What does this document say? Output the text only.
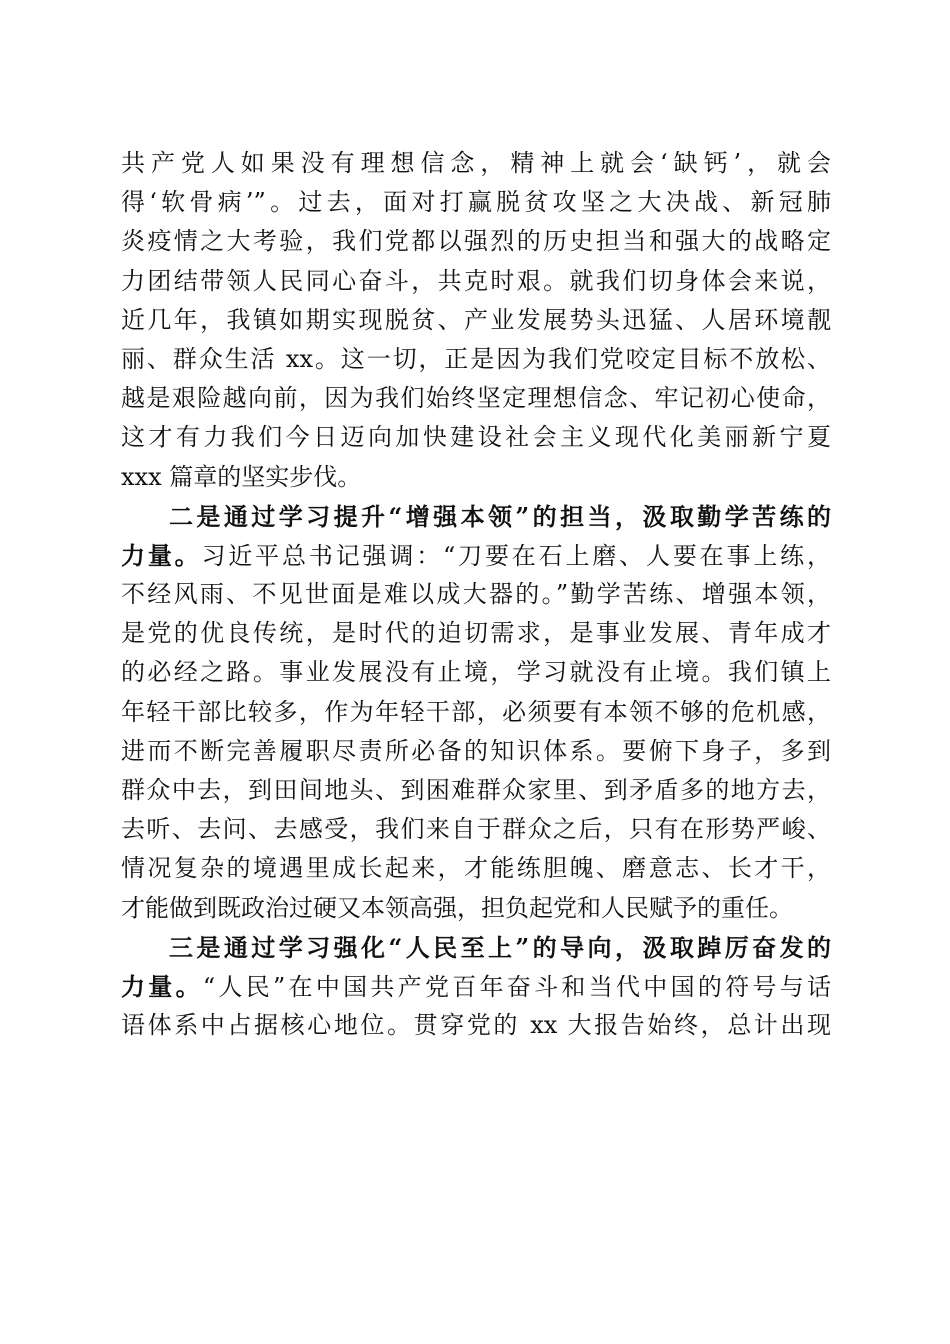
共产党人如果没有理想信念，精神上就会‘缺钙’，就会
得‘软骨病’”。过去，面对打赢脱贫攻坚之大决战、新冠肺
炎疫情之大考验，我们党都以强烈的历史担当和强大的战略定
力团结带领人民同心奋斗，共克时艰。就我们切身体会来说，
近几年，我镇如期实现脱贫、产业发展势头迅猛、人居环境靓
丽、群众生活 xx。这一切，正是因为我们党咬定目标不放松、
越是艰险越向前，因为我们始终坚定理想信念、牢记初心使命，
这才有力我们今日迈向加快建设社会主义现代化美丽新宁夏
xxx 篇章的坚实步伐。
二是通过学习提升“增强本领”的担当，汲取勤学苦练的
力量。习近平总书记强调：“刀要在石上磨、人要在事上练，
不经风雨、不见世面是难以成大器的。”勤学苦练、增强本领，
是党的优良传统，是时代的迫切需求，是事业发展、青年成才
的必经之路。事业发展没有止境，学习就没有止境。我们镇上
年轻干部比较多，作为年轻干部，必须要有本领不够的危机感，
进而不断完善履职尽责所必备的知识体系。要俯下身子，多到
群众中去，到田间地头、到困难群众家里、到矛盾多的地方去，
去听、去问、去感受，我们来自于群众之后，只有在形势严峻、
情况复杂的境遇里成长起来，才能练胆魄、磨意志、长才干，
才能做到既政治过硬又本领高强，担负起党和人民赋予的重任。
三是通过学习强化“人民至上”的导向，汲取踔厉奋发的
力量。“人民”在中国共产党百年奋斗和当代中国的符号与话
语体系中占据核心地位。贯穿党的 xx 大报告始终，总计出现
